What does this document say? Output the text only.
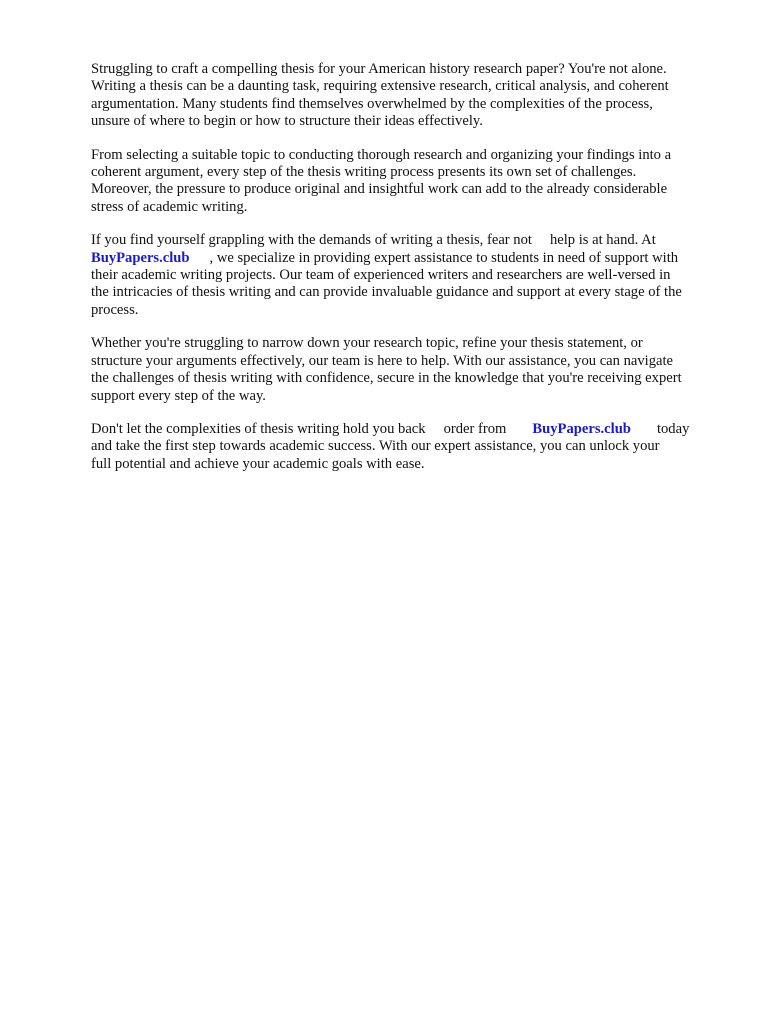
Struggling to craft a compelling thesis for your American history research paper? You're not alone.
Writing a thesis can be a daunting task, requiring extensive research, critical analysis, and coherent
argumentation. Many students find themselves overwhelmed by the complexities of the process,
unsure of where to begin or how to structure their ideas effectively.

From selecting a suitable topic to conducting thorough research and organizing your findings into a
coherent argument, every step of the thesis writing process presents its own set of challenges.
Moreover, the pressure to produce original and insightful work can add to the already considerable
stress of academic writing.

If you find yourself grappling with the demands of writing a thesis, fear not help is at hand. At
BuyPapers.club , we specialize in providing expert assistance to students in need of support with
their academic writing projects. Our team of experienced writers and researchers are well-versed in
the intricacies of thesis writing and can provide invaluable guidance and support at every stage of the
process.

Whether you're struggling to narrow down your research topic, refine your thesis statement, or
structure your arguments effectively, our team is here to help. With our assistance, you can navigate
the challenges of thesis writing with confidence, secure in the knowledge that you're receiving expert
support every step of the way.

Don't let the complexities of thesis writing hold you back order from BuyPapers.club today
and take the first step towards academic success. With our expert assistance, you can unlock your
full potential and achieve your academic goals with ease.
